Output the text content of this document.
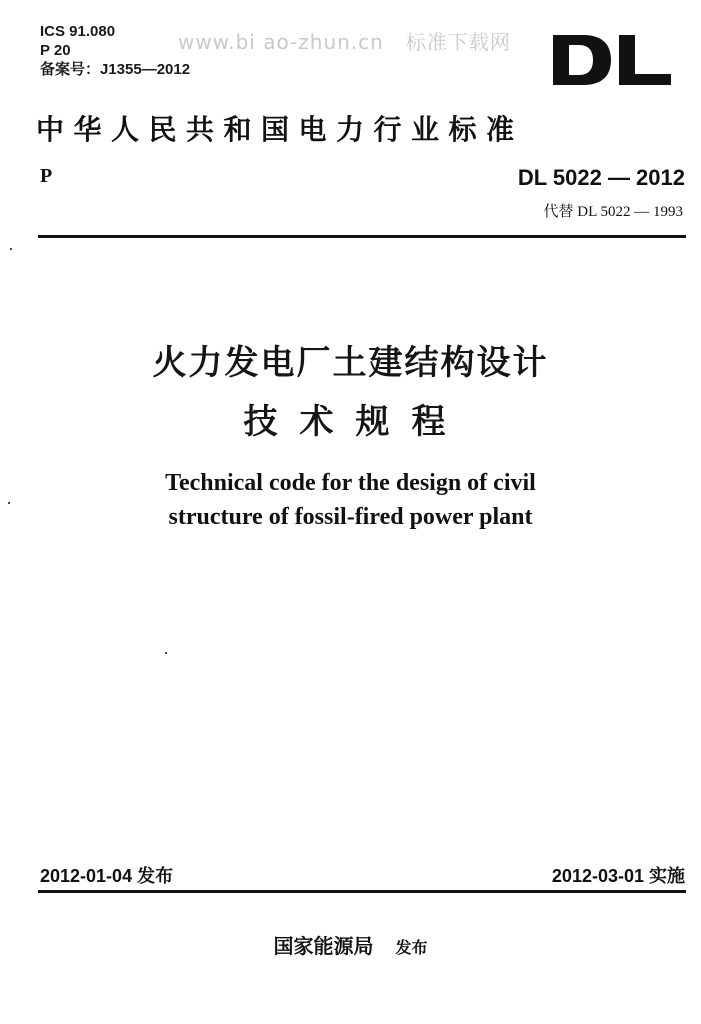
ICS 91.080
P 20
备案号：J1355—2012
www.bi ao-zhun.cn 标准下载网
中华人民共和国电力行业标准
P	DL 5022 — 2012
代替 DL 5022 — 1993
火力发电厂土建结构设计
技术规程
Technical code for the design of civil
structure of fossil-fired power plant
2012-01-04 发布	2012-03-01 实施
国家能源局 发布
